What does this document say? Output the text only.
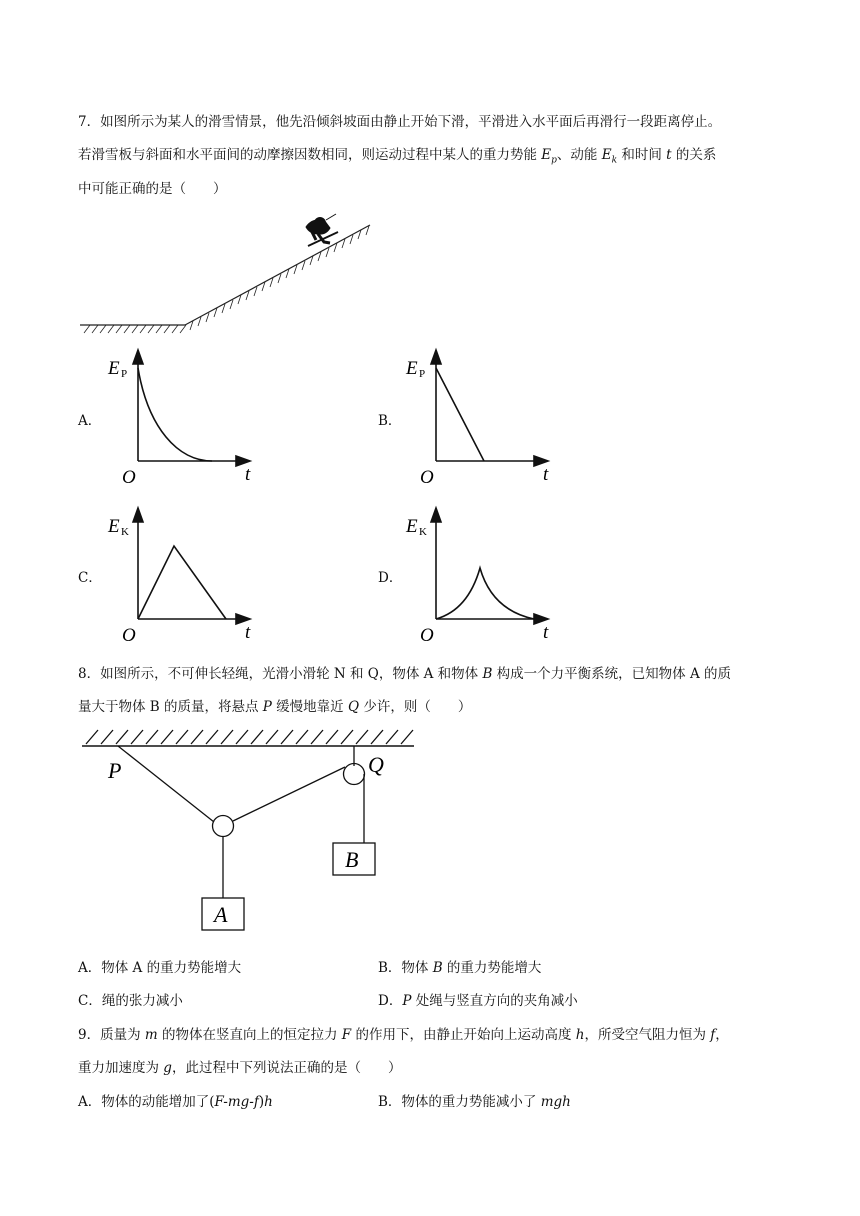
7．如图所示为某人的滑雪情景，他先沿倾斜坡面由静止开始下滑，平滑进入水平面后再滑行一段距离停止。
若滑雪板与斜面和水平面间的动摩擦因数相同，则运动过程中某人的重力势能 $E_p$、动能 $E_k$ 和时间 t 的关系
中可能正确的是（　　）
A．
E P
O	t
B．
E P
O	t
C．
E K
O	t
D．
E K
O	t
8．如图所示，不可伸长轻绳，光滑小滑轮 N 和 Q，物体 A 和物体 B 构成一个力平衡系统，已知物体 A 的质
量大于物体 B 的质量，将悬点 P 缓慢地靠近 Q 少许，则（　　）
A
B
P	Q
A．物体 A 的重力势能增大	B．物体 B 的重力势能增大
C．绳的张力减小	D．P 处绳与竖直方向的夹角减小
9．质量为 m 的物体在竖直向上的恒定拉力 F 的作用下，由静止开始向上运动高度 h，所受空气阻力恒为 f，
重力加速度为 g，此过程中下列说法正确的是（　　）
A．物体的动能增加了(F-mg-f)h	B．物体的重力势能减小了 mgh
